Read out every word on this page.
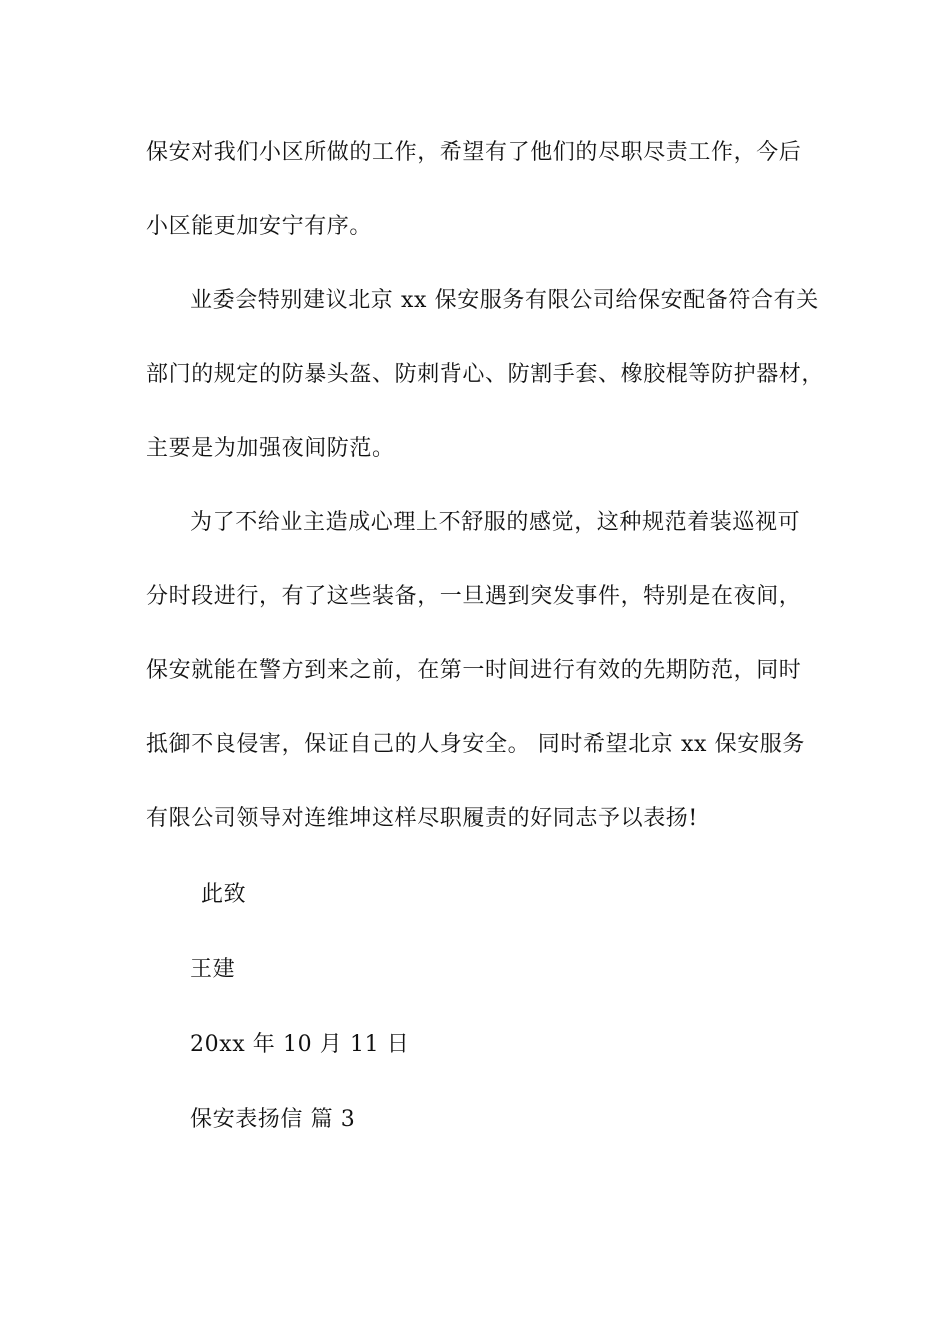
保安对我们小区所做的工作，希望有了他们的尽职尽责工作，今后
小区能更加安宁有序。
业委会特别建议北京 xx 保安服务有限公司给保安配备符合有关
部门的规定的防暴头盔、防刺背心、防割手套、橡胶棍等防护器材，
主要是为加强夜间防范。
为了不给业主造成心理上不舒服的感觉，这种规范着装巡视可
分时段进行，有了这些装备，一旦遇到突发事件，特别是在夜间，
保安就能在警方到来之前，在第一时间进行有效的先期防范，同时
抵御不良侵害，保证自己的人身安全。 同时希望北京 xx 保安服务
有限公司领导对连维坤这样尽职履责的好同志予以表扬!
此致
王建
20xx 年 10 月 11 日
保安表扬信 篇 3
